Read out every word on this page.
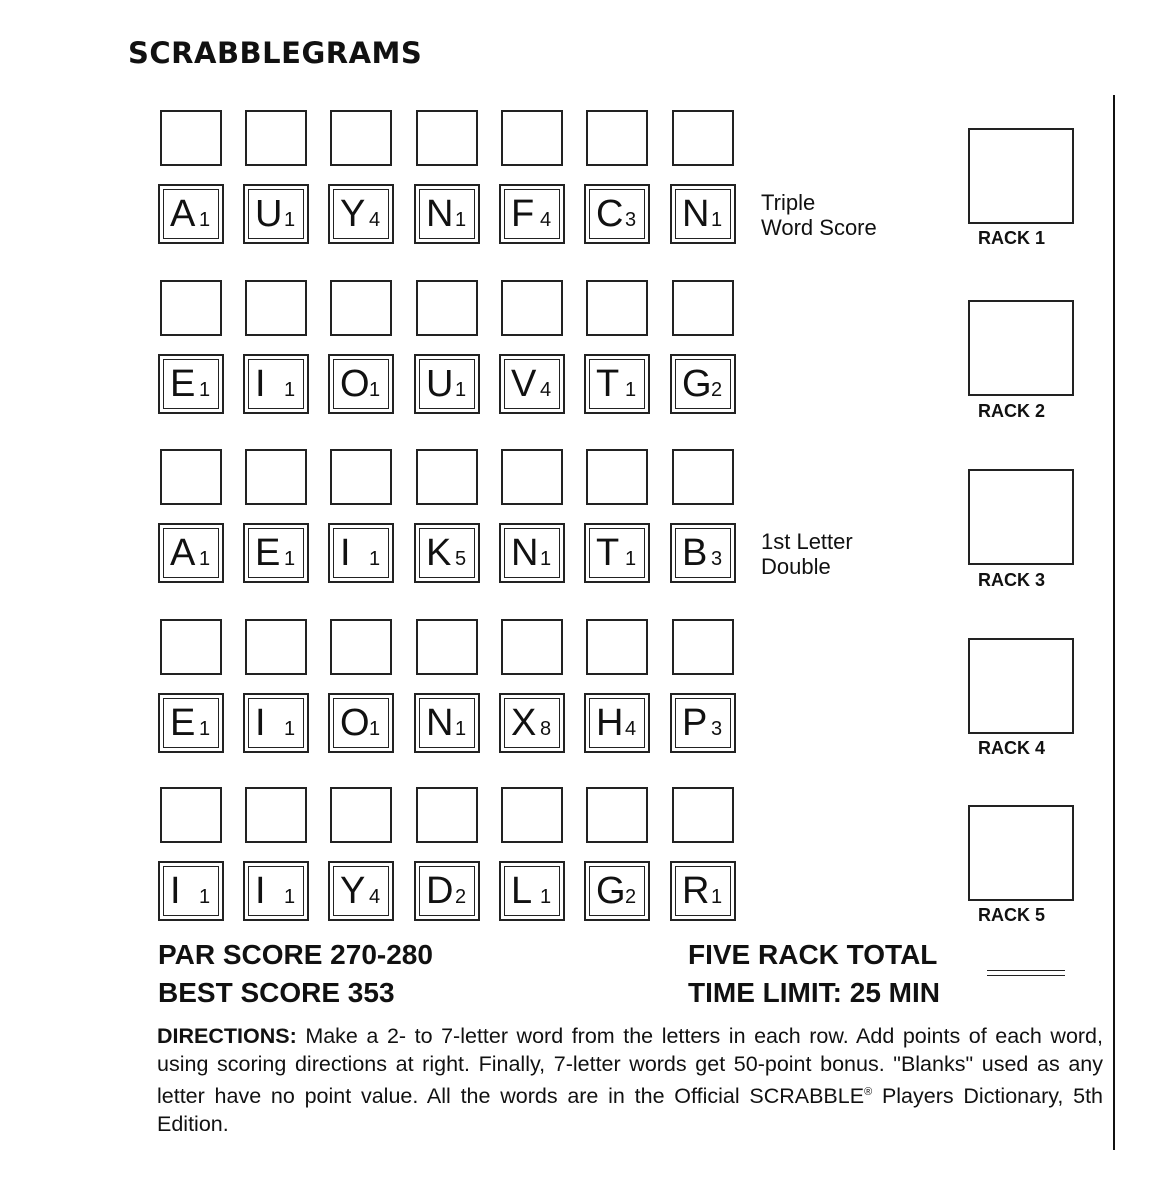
SCRABBLEGRAMS
A 1 U 1 Y 4 N 1 F 4 C 3 N 1
Triple
Word Score	RACK 1
E 1 I 1 O 1 U 1 V 4 T 1 G 2
RACK 2
A 1 E 1 I 1 K 5 N 1 T 1 B 3
1st Letter
Double
RACK 3
E 1 I 1 O 1 N 1 X 8 H 4 P 3
RACK 4
I 1 I 1 Y 4 D 2 L 1 G 2 R 1
RACK 5
PAR SCORE 270-280
BEST SCORE 353
FIVE RACK TOTAL
TIME LIMIT: 25 MIN
DIRECTIONS: Make a 2- to 7-letter word from the letters in each row. Add points of each word, using scoring directions at right. Finally, 7-letter words get 50-point bonus. "Blanks" used as any letter have no point value. All the words are in the Official SCRABBLE® Players Dictionary, 5th Edition.
